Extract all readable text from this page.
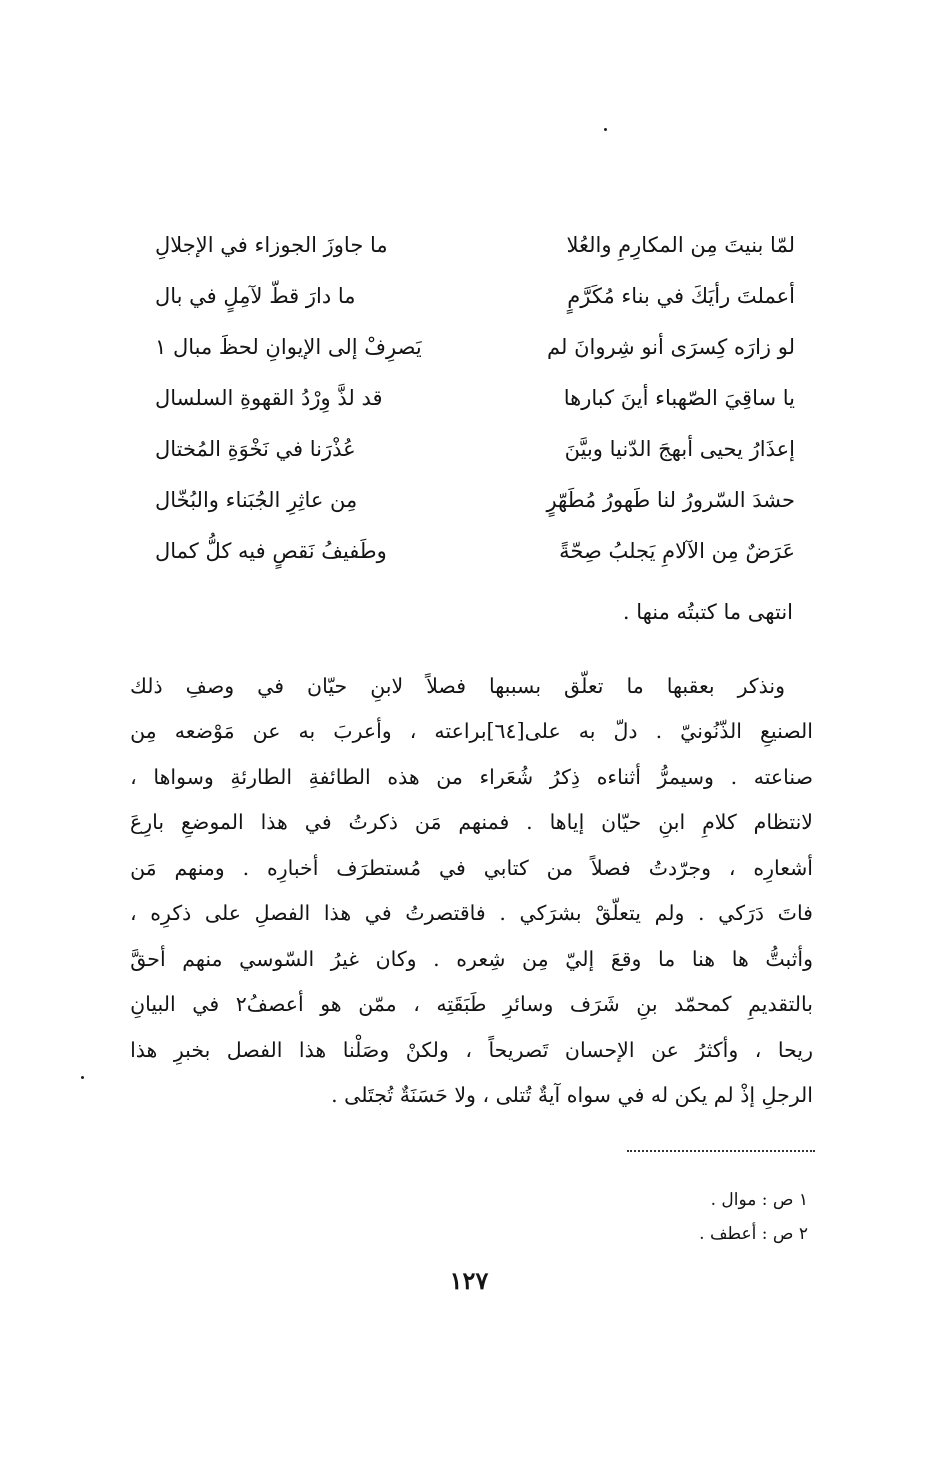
لمّا بنيتَ مِن المكارِمِ والعُلا
ما جاوزَ الجوزاء في الإجلالِ
أعملتَ رأيَكَ في بناء مُكَرَّمٍ
ما دارَ قطّ لآمِلٍ في بال
لو زارَه كِسرَى أنو شِروانَ لم
يَصرِفْ إلى الإيوانِ لحظَ مبال ١
يا ساقِيَ الصّهباء أينَ كبارها
قد لذَّ وِرْدُ القهوةِ السلسال
إعذَارُ يحيى أبهجَ الدّنيا وبيَّنَ
عُذْرَنا في نَخْوَةِ المُختال
حشدَ السّرورُ لنا طَهورُ مُطَهّرٍ
مِن عاثِرِ الجُبَناء والبُخّال
عَرَضٌ مِن الآلامِ يَجلبُ صِحّةً
وطَفيفُ نَقصٍ فيه كلُّ كمال
انتهى ما كتبتُه منها .
ونذكر
بعقبها
ما
تعلّق
بسببها
فصلاً
لابنِ
حيّان
في
وصفِ
ذلك
الصنيعِ
الذّنُونيّ
.
دلّ
به
على[٦٤]براعته
،
وأعربَ
به
عن
مَوْضعه
مِن
صناعته
.
وسيمرُّ
أثناءه
ذِكرُ
شُعَراء
من
هذه
الطائفةِ
الطارئةِ
وسواها
،
لانتظام
كلامِ
ابنِ
حيّان
إياها
.
فمنهم
مَن
ذكرتُ
في
هذا
الموضعِ
بارِعَ
أشعارِه
،
وجرّدتُ
فصلاً
من
كتابي
في
مُستطرَف
أخبارِه
.
ومنهم
مَن
فاتَ
دَرَكي
.
ولم
يتعلّقْ
بشرَكي
.
فاقتصرتُ
في
هذا
الفصلِ
على
ذكرِه
،
وأثبتُّ
ها
هنا
ما
وقعَ
إليّ
مِن
شِعره
.
وكان
غيرُ
السّوسي
منهم
أحقَّ
بالتقديمِ
كمحمّد
بنِ
شَرَف
وسائرِ
طَبَقَتِه
،
ممّن
هو
أعصفُ٢
في
البيانِ
ريحا
،
وأكثرُ
عن
الإحسان
تَصريحاً
،
ولكنْ
وصَلْنا
هذا
الفصل
بخبرِ
هذا
الرجلِ إذْ لم يكن له في سواه آيةٌ تُتلى ، ولا حَسَنَةٌ تُجتَلى .
١ ص : موال .
٢ ص : أعطف .
١٢٧
